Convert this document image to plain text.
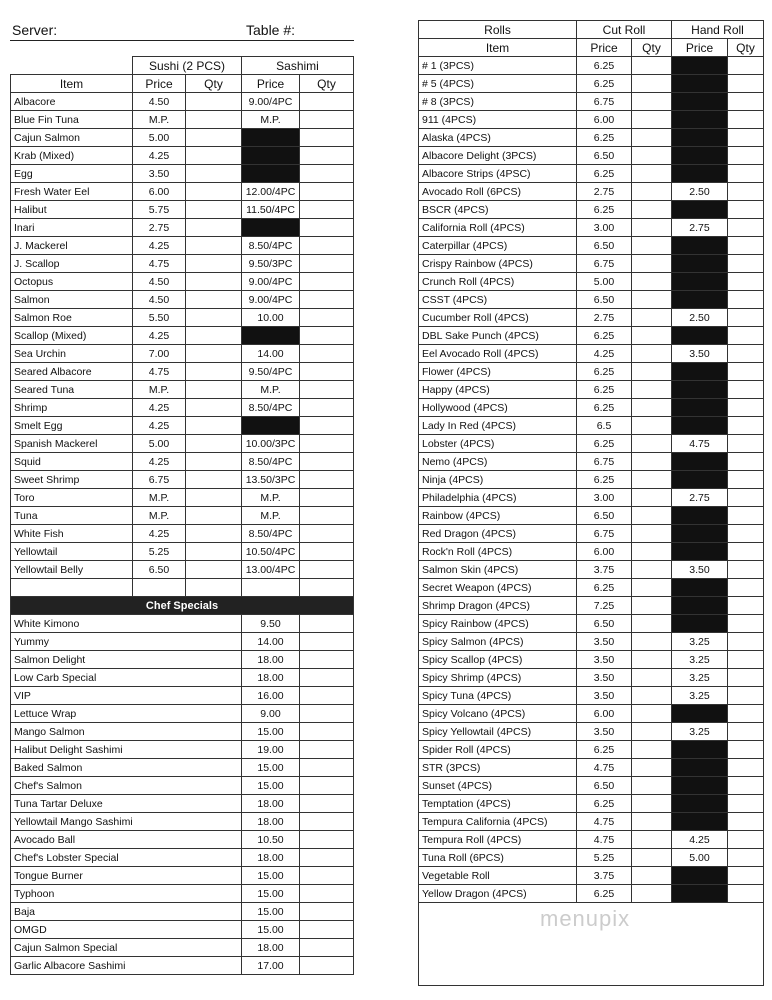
Server:	Table #:
	Sushi (2 PCS)		Sashimi	
Item	Price	Qty	Price	Qty
Albacore	4.50		9.00/4PC	
Blue Fin Tuna	M.P.		M.P.	
Cajun Salmon	5.00			
Krab (Mixed)	4.25			
Egg	3.50			
Fresh Water Eel	6.00		12.00/4PC	
Halibut	5.75		11.50/4PC	
Inari	2.75			
J. Mackerel	4.25		8.50/4PC	
J. Scallop	4.75		9.50/3PC	
Octopus	4.50		9.00/4PC	
Salmon	4.50		9.00/4PC	
Salmon Roe	5.50		10.00	
Scallop (Mixed)	4.25			
Sea Urchin	7.00		14.00	
Seared Albacore	4.75		9.50/4PC	
Seared Tuna	M.P.		M.P.	
Shrimp	4.25		8.50/4PC	
Smelt Egg	4.25			
Spanish Mackerel	5.00		10.00/3PC	
Squid	4.25		8.50/4PC	
Sweet Shrimp	6.75		13.50/3PC	
Toro	M.P.		M.P.	
Tuna	M.P.		M.P.	
White Fish	4.25		8.50/4PC	
Yellowtail	5.25		10.50/4PC	
Yellowtail Belly	6.50		13.00/4PC	

Chef Specials				
White Kimono			9.50	
Yummy			14.00	
Salmon Delight			18.00	
Low Carb Special			18.00	
VIP			16.00	
Lettuce Wrap			9.00	
Mango Salmon			15.00	
Halibut Delight Sashimi			19.00	
Baked Salmon			15.00	
Chef's Salmon			15.00	
Tuna Tartar Deluxe			18.00	
Yellowtail Mango Sashimi			18.00	
Avocado Ball			10.50	
Chef's Lobster Special			18.00	
Tongue Burner			15.00	
Typhoon			15.00	
Baja			15.00	
OMGD			15.00	
Cajun Salmon Special			18.00	
Garlic Albacore Sashimi			17.00	
Rolls	Cut Roll		Hand Roll	
Item	Price	Qty	Price	Qty
# 1 (3PCS)	6.25			
# 5 (4PCS)	6.25			
# 8 (3PCS)	6.75			
911 (4PCS)	6.00			
Alaska (4PCS)	6.25			
Albacore Delight (3PCS)	6.50			
Albacore Strips (4PSC)	6.25			
Avocado Roll (6PCS)	2.75		2.50	
BSCR (4PCS)	6.25			
California Roll (4PCS)	3.00		2.75	
Caterpillar (4PCS)	6.50			
Crispy Rainbow (4PCS)	6.75			
Crunch Roll (4PCS)	5.00			
CSST (4PCS)	6.50			
Cucumber Roll (4PCS)	2.75		2.50	
DBL Sake Punch (4PCS)	6.25			
Eel Avocado Roll (4PCS)	4.25		3.50	
Flower (4PCS)	6.25			
Happy (4PCS)	6.25			
Hollywood (4PCS)	6.25			
Lady In Red (4PCS)	6.5			
Lobster (4PCS)	6.25		4.75	
Nemo (4PCS)	6.75			
Ninja (4PCS)	6.25			
Philadelphia (4PCS)	3.00		2.75	
Rainbow (4PCS)	6.50			
Red Dragon (4PCS)	6.75			
Rock'n Roll (4PCS)	6.00			
Salmon Skin (4PCS)	3.75		3.50	
Secret Weapon (4PCS)	6.25			
Shrimp Dragon (4PCS)	7.25			
Spicy Rainbow (4PCS)	6.50			
Spicy Salmon (4PCS)	3.50		3.25	
Spicy Scallop (4PCS)	3.50		3.25	
Spicy Shrimp (4PCS)	3.50		3.25	
Spicy Tuna (4PCS)	3.50		3.25	
Spicy Volcano (4PCS)	6.00			
Spicy Yellowtail (4PCS)	3.50		3.25	
Spider Roll (4PCS)	6.25			
STR (3PCS)	4.75			
Sunset (4PCS)	6.50			
Temptation (4PCS)	6.25			
Tempura California (4PCS)	4.75			
Tempura Roll (4PCS)	4.75		4.25	
Tuna Roll (6PCS)	5.25		5.00	
Vegetable Roll	3.75			
Yellow Dragon (4PCS)	6.25			

menupix
